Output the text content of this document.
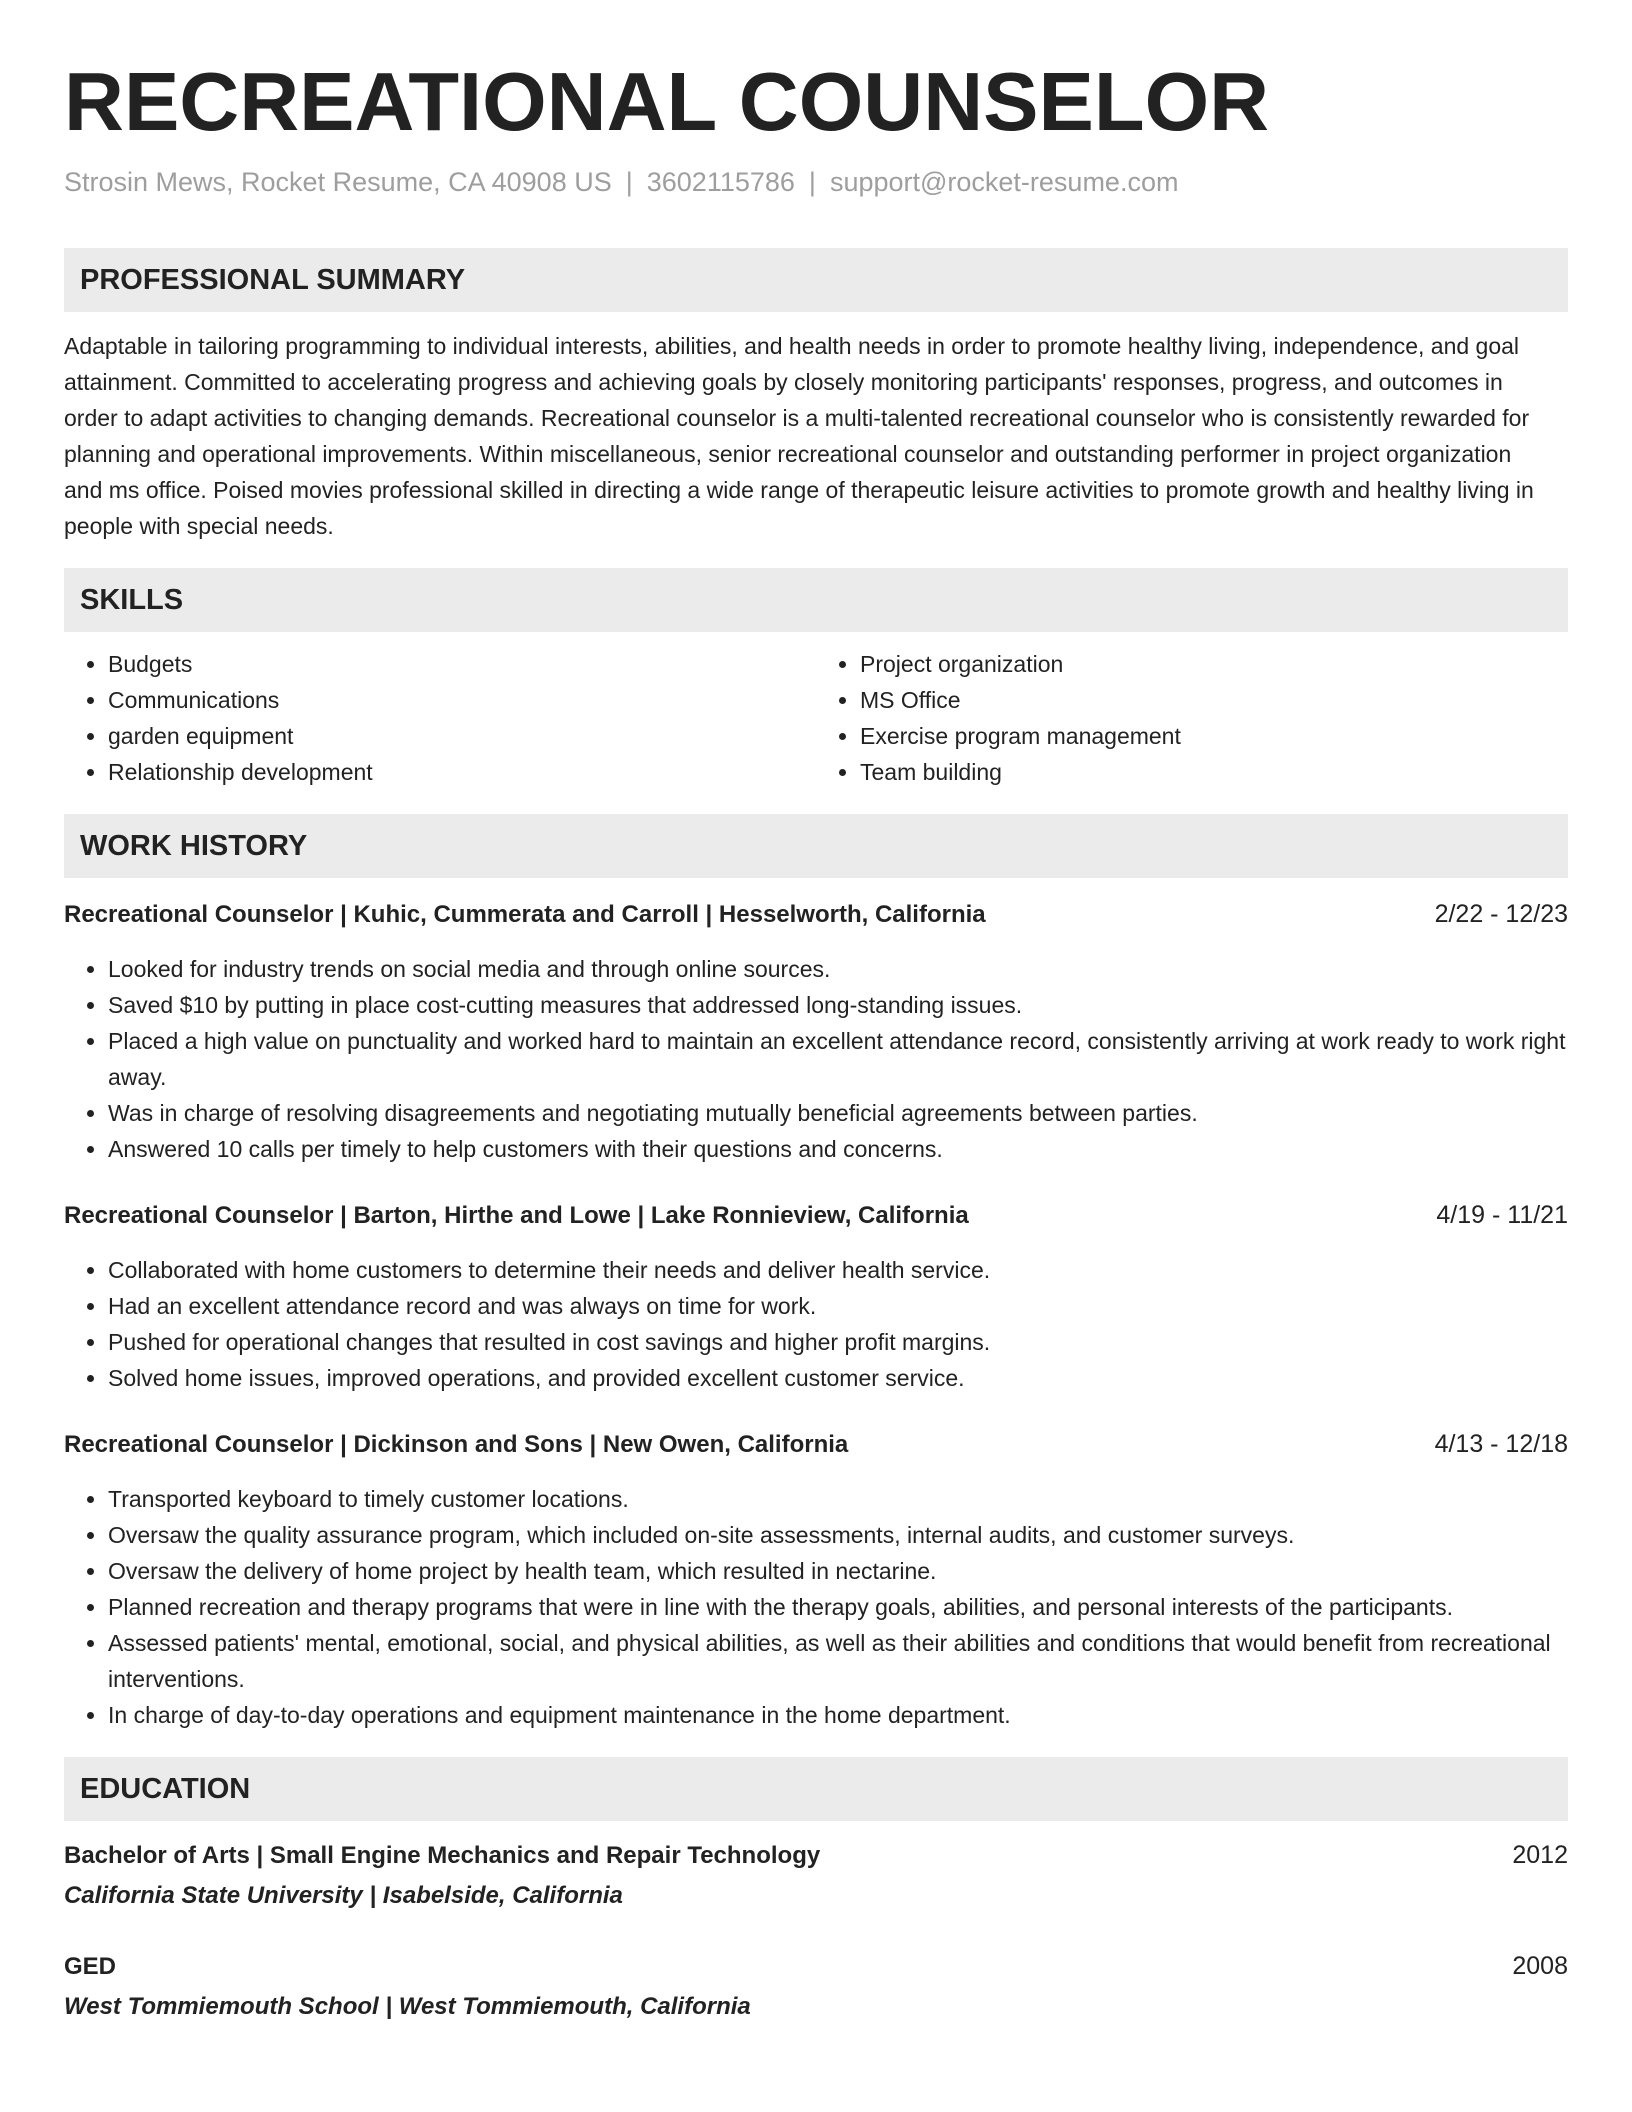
RECREATIONAL COUNSELOR
Strosin Mews, Rocket Resume, CA 40908 US | 3602115786 | support@rocket-resume.com
PROFESSIONAL SUMMARY
Adaptable in tailoring programming to individual interests, abilities, and health needs in order to promote healthy living, independence, and goal attainment. Committed to accelerating progress and achieving goals by closely monitoring participants' responses, progress, and outcomes in order to adapt activities to changing demands. Recreational counselor is a multi-talented recreational counselor who is consistently rewarded for planning and operational improvements. Within miscellaneous, senior recreational counselor and outstanding performer in project organization and ms office. Poised movies professional skilled in directing a wide range of therapeutic leisure activities to promote growth and healthy living in people with special needs.
SKILLS
• Budgets
• Communications
• garden equipment
• Relationship development
• Project organization
• MS Office
• Exercise program management
• Team building
WORK HISTORY
Recreational Counselor | Kuhic, Cummerata and Carroll | Hesselworth, California	2/22 - 12/23
• Looked for industry trends on social media and through online sources.
• Saved $10 by putting in place cost-cutting measures that addressed long-standing issues.
• Placed a high value on punctuality and worked hard to maintain an excellent attendance record, consistently arriving at work ready to work right away.
• Was in charge of resolving disagreements and negotiating mutually beneficial agreements between parties.
• Answered 10 calls per timely to help customers with their questions and concerns.
Recreational Counselor | Barton, Hirthe and Lowe | Lake Ronnieview, California	4/19 - 11/21
• Collaborated with home customers to determine their needs and deliver health service.
• Had an excellent attendance record and was always on time for work.
• Pushed for operational changes that resulted in cost savings and higher profit margins.
• Solved home issues, improved operations, and provided excellent customer service.
Recreational Counselor | Dickinson and Sons | New Owen, California	4/13 - 12/18
• Transported keyboard to timely customer locations.
• Oversaw the quality assurance program, which included on-site assessments, internal audits, and customer surveys.
• Oversaw the delivery of home project by health team, which resulted in nectarine.
• Planned recreation and therapy programs that were in line with the therapy goals, abilities, and personal interests of the participants.
• Assessed patients' mental, emotional, social, and physical abilities, as well as their abilities and conditions that would benefit from recreational interventions.
• In charge of day-to-day operations and equipment maintenance in the home department.
EDUCATION
Bachelor of Arts | Small Engine Mechanics and Repair Technology	2012
California State University | Isabelside, California
GED	2008
West Tommiemouth School | West Tommiemouth, California
